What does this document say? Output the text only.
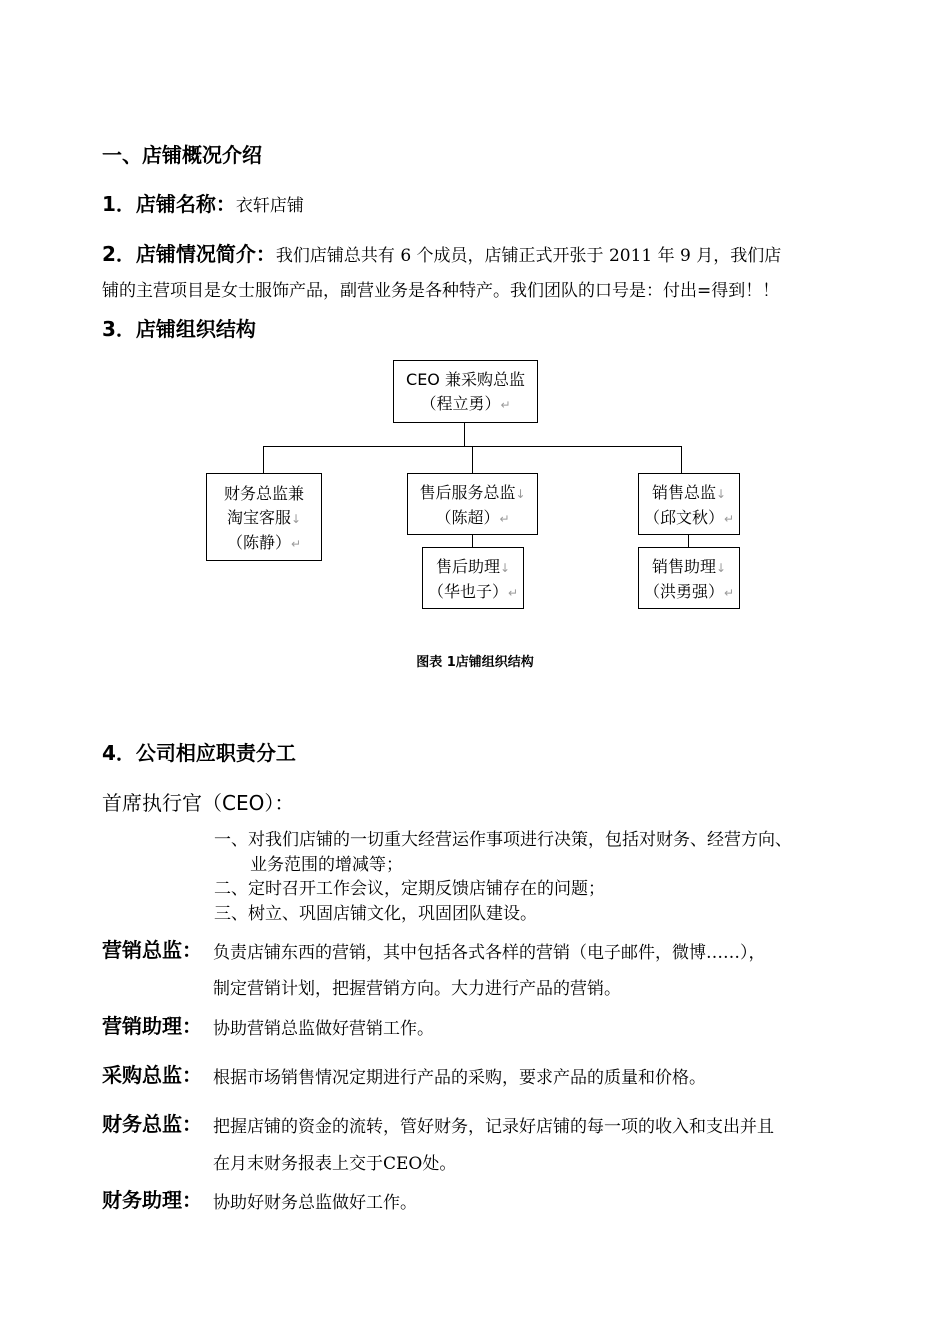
一、店铺概况介绍
1．店铺名称：衣轩店铺
2．店铺情况简介：我们店铺总共有 6 个成员，店铺正式开张于 2011 年 9 月，我们店
铺的主营项目是女士服饰产品，副营业务是各种特产。我们团队的口号是：付出=得到！！
3．店铺组织结构
CEO 兼采购总监
（程立勇）↵
财务总监兼
淘宝客服↓
（陈静）↵
售后服务总监↓
（陈超）↵
售后助理↓
（华也子）↵
销售总监↓
（邱文秋）↵
销售助理↓
（洪勇强）↵
图表 1店铺组织结构
4．公司相应职责分工
首席执行官（CEO）：
一、对我们店铺的一切重大经营运作事项进行决策，包括对财务、经营方向、
业务范围的增减等；
二、定时召开工作会议，定期反馈店铺存在的问题；
三、树立、巩固店铺文化，巩固团队建设。
营销总监： 负责店铺东西的营销，其中包括各式各样的营销（电子邮件，微博……），
制定营销计划，把握营销方向。大力进行产品的营销。
营销助理： 协助营销总监做好营销工作。
采购总监： 根据市场销售情况定期进行产品的采购，要求产品的质量和价格。
财务总监： 把握店铺的资金的流转，管好财务，记录好店铺的每一项的收入和支出并且
在月末财务报表上交于CEO处。
财务助理： 协助好财务总监做好工作。
